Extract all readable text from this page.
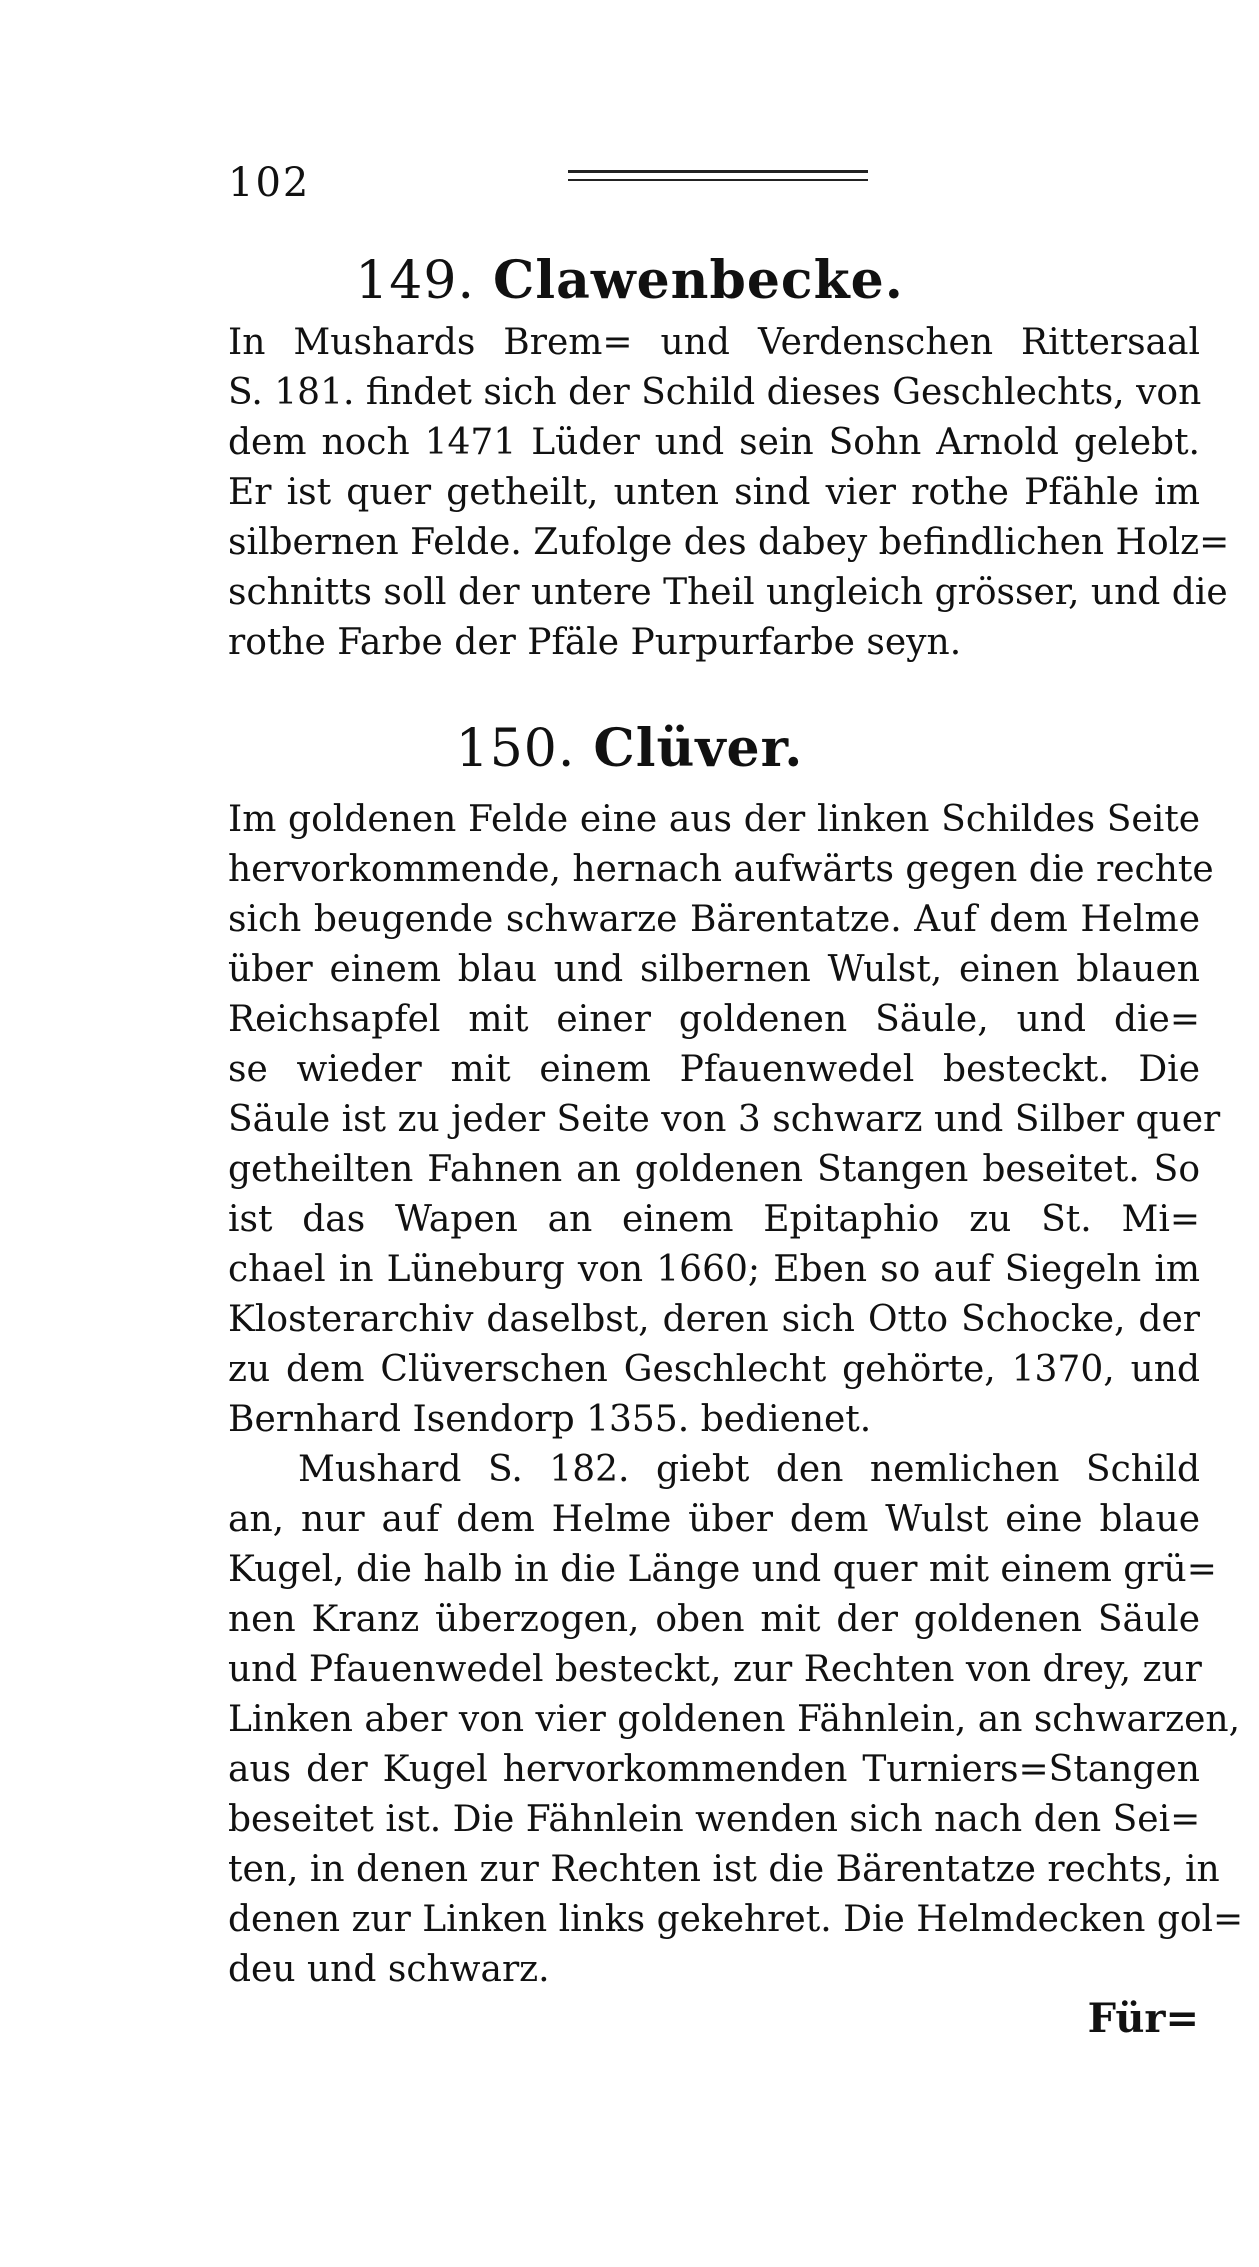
102
149. Clawenbecke.
In Mushards Brem= und Verdenschen Rittersaal
S. 181. findet sich der Schild dieses Geschlechts, von
dem noch 1471 Lüder und sein Sohn Arnold gelebt.
Er ist quer getheilt, unten sind vier rothe Pfähle im
silbernen Felde. Zufolge des dabey befindlichen Holz=
schnitts soll der untere Theil ungleich grösser, und die
rothe Farbe der Pfäle Purpurfarbe seyn.
150. Clüver.
Im goldenen Felde eine aus der linken Schildes Seite
hervorkommende, hernach aufwärts gegen die rechte
sich beugende schwarze Bärentatze. Auf dem Helme
über einem blau und silbernen Wulst, einen blauen
Reichsapfel mit einer goldenen Säule, und die=
se wieder mit einem Pfauenwedel besteckt. Die
Säule ist zu jeder Seite von 3 schwarz und Silber quer
getheilten Fahnen an goldenen Stangen beseitet. So
ist das Wapen an einem Epitaphio zu St. Mi=
chael in Lüneburg von 1660; Eben so auf Siegeln im
Klosterarchiv daselbst, deren sich Otto Schocke, der
zu dem Clüverschen Geschlecht gehörte, 1370, und
Bernhard Isendorp 1355. bedienet.
Mushard S. 182. giebt den nemlichen Schild
an, nur auf dem Helme über dem Wulst eine blaue
Kugel, die halb in die Länge und quer mit einem grü=
nen Kranz überzogen, oben mit der goldenen Säule
und Pfauenwedel besteckt, zur Rechten von drey, zur
Linken aber von vier goldenen Fähnlein, an schwarzen,
aus der Kugel hervorkommenden Turniers=Stangen
beseitet ist. Die Fähnlein wenden sich nach den Sei=
ten, in denen zur Rechten ist die Bärentatze rechts, in
denen zur Linken links gekehret. Die Helmdecken gol=
deu und schwarz.
Für=
